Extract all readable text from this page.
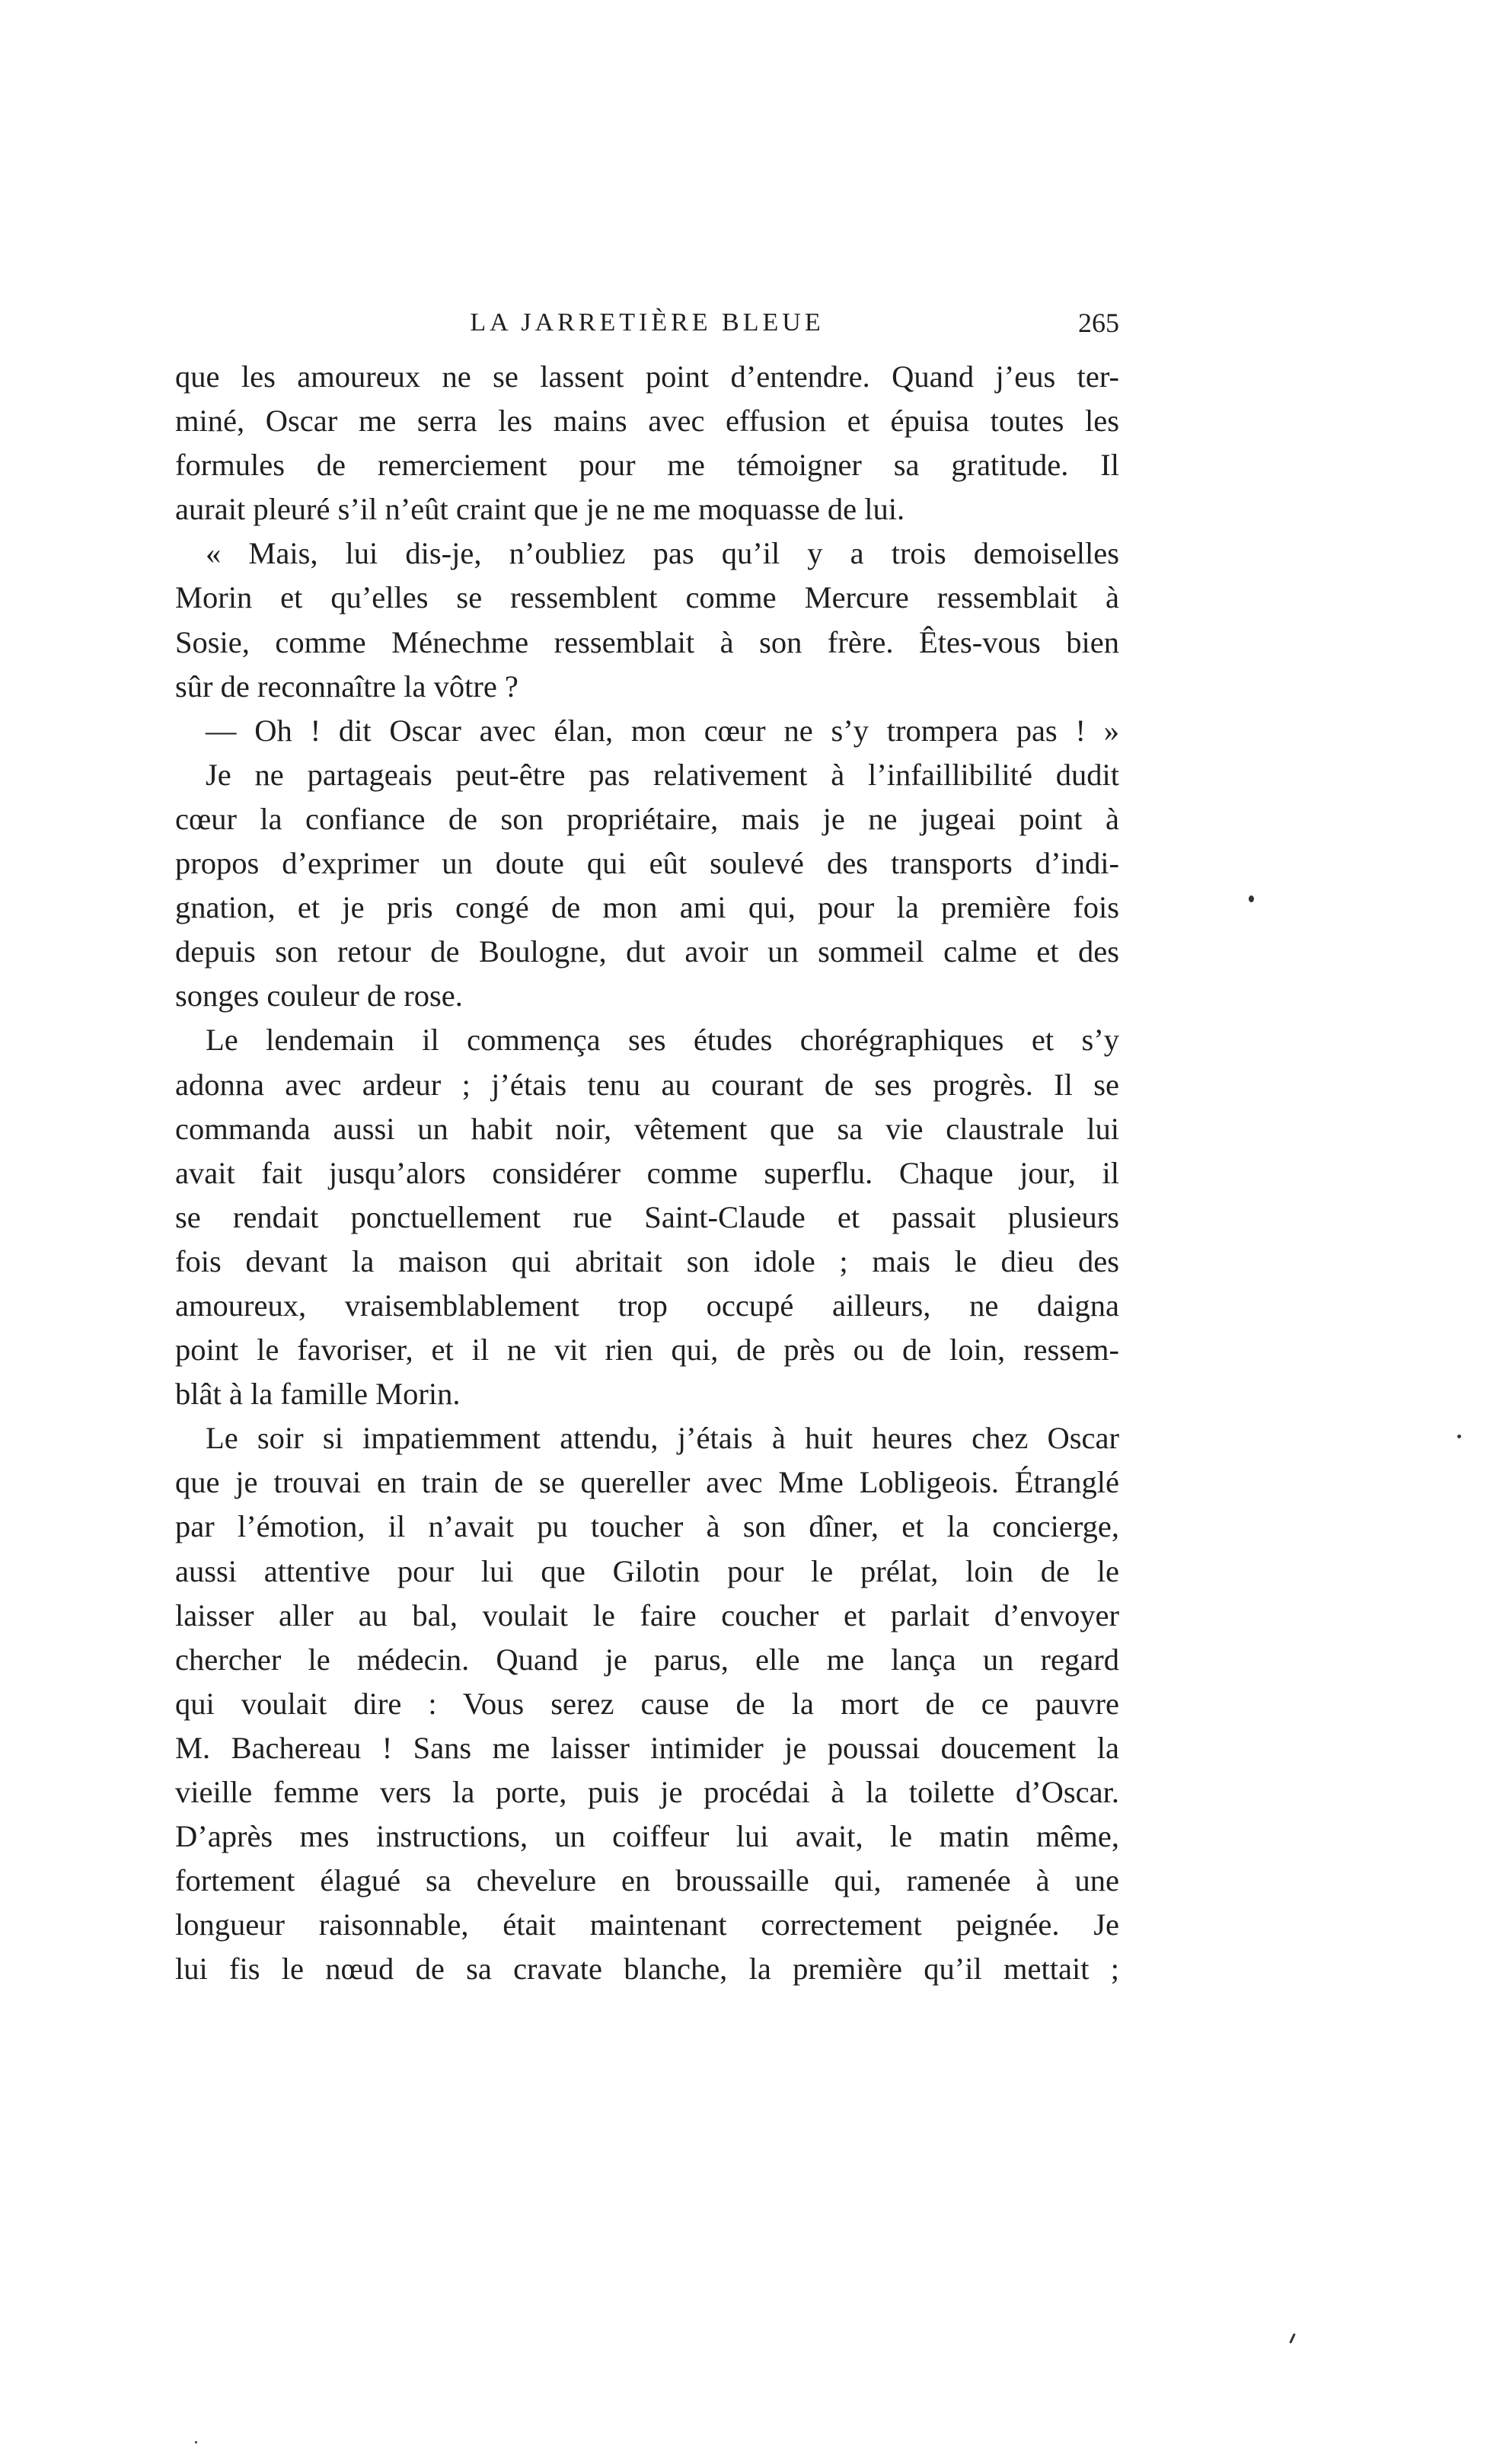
LA JARRETIÈRE BLEUE	265
que les amoureux ne se lassent point d’entendre. Quand j’eus ter-
miné, Oscar me serra les mains avec effusion et épuisa toutes les
formules de remerciement pour me témoigner sa gratitude. Il
aurait pleuré s’il n’eût craint que je ne me moquasse de lui.
« Mais, lui dis-je, n’oubliez pas qu’il y a trois demoiselles
Morin et qu’elles se ressemblent comme Mercure ressemblait à
Sosie, comme Ménechme ressemblait à son frère. Êtes-vous bien
sûr de reconnaître la vôtre ?
— Oh ! dit Oscar avec élan, mon cœur ne s’y trompera pas ! »
Je ne partageais peut-être pas relativement à l’infaillibilité dudit
cœur la confiance de son propriétaire, mais je ne jugeai point à
propos d’exprimer un doute qui eût soulevé des transports d’indi-
gnation, et je pris congé de mon ami qui, pour la première fois
depuis son retour de Boulogne, dut avoir un sommeil calme et des
songes couleur de rose.
Le lendemain il commença ses études chorégraphiques et s’y
adonna avec ardeur ; j’étais tenu au courant de ses progrès. Il se
commanda aussi un habit noir, vêtement que sa vie claustrale lui
avait fait jusqu’alors considérer comme superflu. Chaque jour, il
se rendait ponctuellement rue Saint-Claude et passait plusieurs
fois devant la maison qui abritait son idole ; mais le dieu des
amoureux, vraisemblablement trop occupé ailleurs, ne daigna
point le favoriser, et il ne vit rien qui, de près ou de loin, ressem-
blât à la famille Morin.
Le soir si impatiemment attendu, j’étais à huit heures chez Oscar
que je trouvai en train de se quereller avec Mme Lobligeois. Étranglé
par l’émotion, il n’avait pu toucher à son dîner, et la concierge,
aussi attentive pour lui que Gilotin pour le prélat, loin de le
laisser aller au bal, voulait le faire coucher et parlait d’envoyer
chercher le médecin. Quand je parus, elle me lança un regard
qui voulait dire : Vous serez cause de la mort de ce pauvre
M. Bachereau ! Sans me laisser intimider je poussai doucement la
vieille femme vers la porte, puis je procédai à la toilette d’Oscar.
D’après mes instructions, un coiffeur lui avait, le matin même,
fortement élagué sa chevelure en broussaille qui, ramenée à une
longueur raisonnable, était maintenant correctement peignée. Je
lui fis le nœud de sa cravate blanche, la première qu’il mettait ;
